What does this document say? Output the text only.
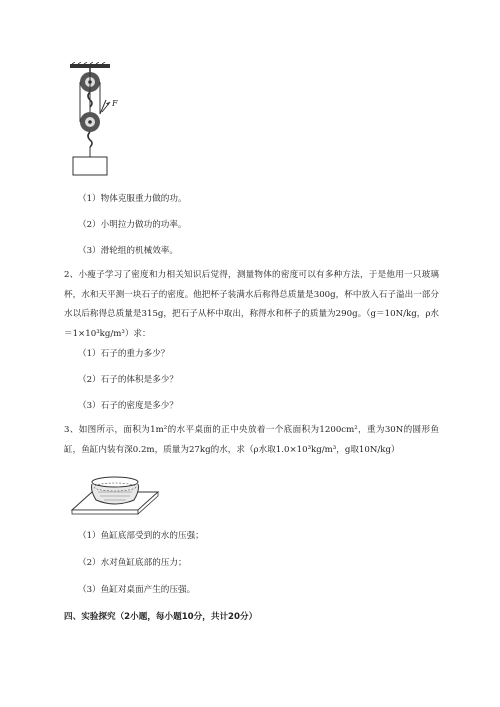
F
（1）物体克服重力做的功。
（2）小明拉力做功的功率。
（3）滑轮组的机械效率。
2、小瘦子学习了密度和力相关知识后觉得，测量物体的密度可以有多种方法，于是他用一只玻璃杯，水和天平测一块石子的密度。他把杯子装满水后称得总质量是300g，杯中放入石子溢出一部分水以后称得总质量是315g，把石子从杯中取出，称得水和杯子的质量为290g。（g＝10N/kg，ρ水＝1×10³kg/m³）求：
（1）石子的重力多少？
（2）石子的体积是多少？
（3）石子的密度是多少？
3、如图所示，面积为1m²的水平桌面的正中央放着一个底面积为1200cm²，重为30N的圆形鱼缸，鱼缸内装有深0.2m，质量为27kg的水，求（ρ水取1.0×10³kg/m³，g取10N/kg）
（1）鱼缸底部受到的水的压强；
（2）水对鱼缸底部的压力；
（3）鱼缸对桌面产生的压强。
四、实验探究（2小题，每小题10分，共计20分）
